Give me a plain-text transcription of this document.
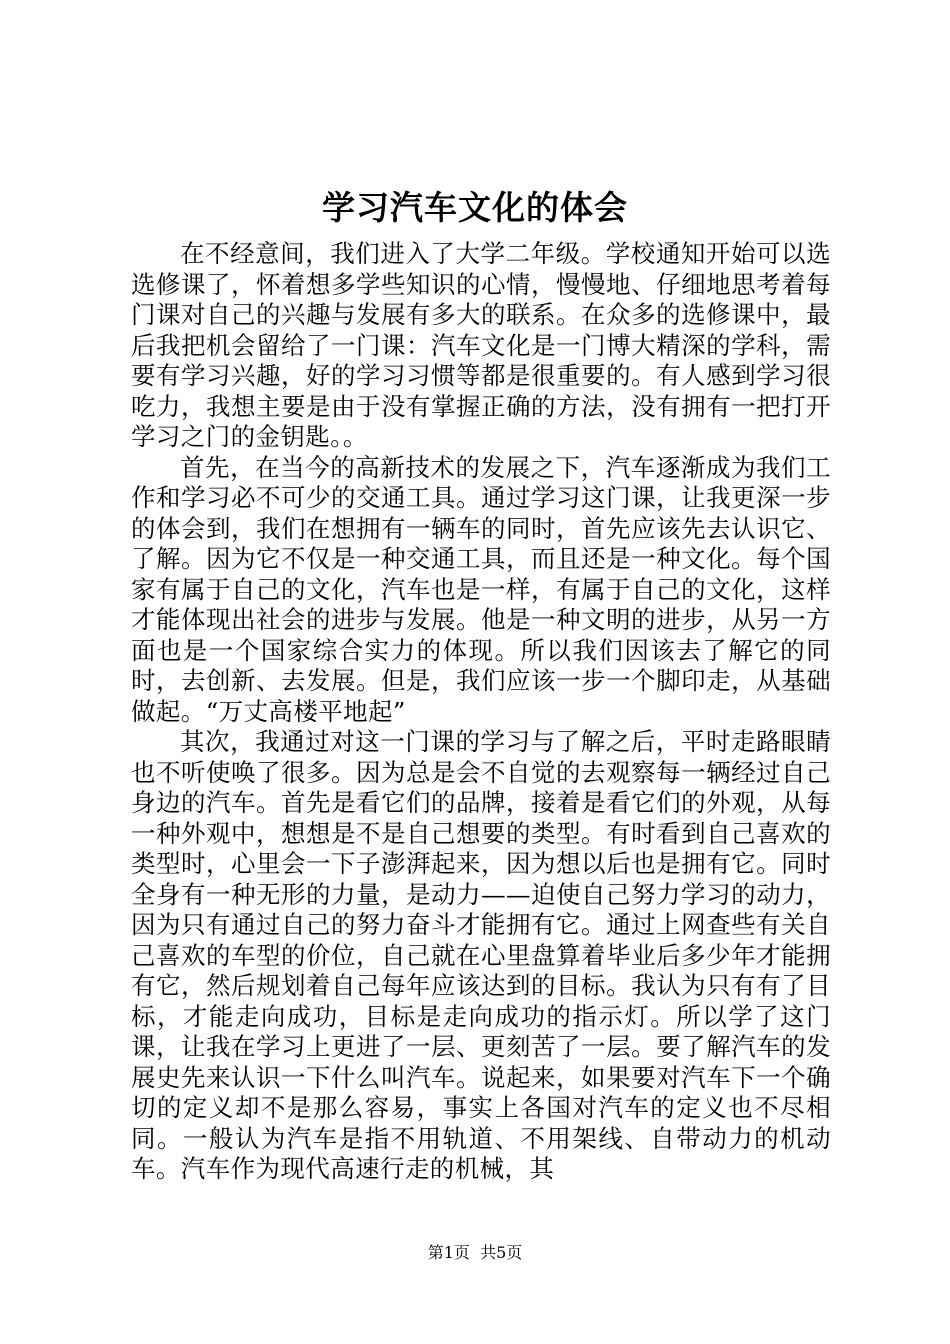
学习汽车文化的体会

在不经意间，我们进入了大学二年级。学校通知开始可以选选修课了，怀着想多学些知识的心情，慢慢地、仔细地思考着每门课对自己的兴趣与发展有多大的联系。在众多的选修课中，最后我把机会留给了一门课：汽车文化是一门博大精深的学科，需要有学习兴趣，好的学习习惯等都是很重要的。有人感到学习很吃力，我想主要是由于没有掌握正确的方法，没有拥有一把打开学习之门的金钥匙。。

首先，在当今的高新技术的发展之下，汽车逐渐成为我们工作和学习必不可少的交通工具。通过学习这门课，让我更深一步的体会到，我们在想拥有一辆车的同时，首先应该先去认识它、了解。因为它不仅是一种交通工具，而且还是一种文化。每个国家有属于自己的文化，汽车也是一样，有属于自己的文化，这样才能体现出社会的进步与发展。他是一种文明的进步，从另一方面也是一个国家综合实力的体现。所以我们因该去了解它的同时，去创新、去发展。但是，我们应该一步一个脚印走，从基础做起。“万丈高楼平地起”

其次，我通过对这一门课的学习与了解之后，平时走路眼睛也不听使唤了很多。因为总是会不自觉的去观察每一辆经过自己身边的汽车。首先是看它们的品牌，接着是看它们的外观，从每一种外观中，想想是不是自己想要的类型。有时看到自己喜欢的类型时，心里会一下子澎湃起来，因为想以后也是拥有它。同时全身有一种无形的力量，是动力——迫使自己努力学习的动力，因为只有通过自己的努力奋斗才能拥有它。通过上网查些有关自己喜欢的车型的价位，自己就在心里盘算着毕业后多少年才能拥有它，然后规划着自己每年应该达到的目标。我认为只有有了目标，才能走向成功，目标是走向成功的指示灯。所以学了这门课，让我在学习上更进了一层、更刻苦了一层。要了解汽车的发展史先来认识一下什么叫汽车。说起来，如果要对汽车下一个确切的定义却不是那么容易，事实上各国对汽车的定义也不尽相同。一般认为汽车是指不用轨道、不用架线、自带动力的机动车。汽车作为现代高速行走的机械，其

第1页  共5页
